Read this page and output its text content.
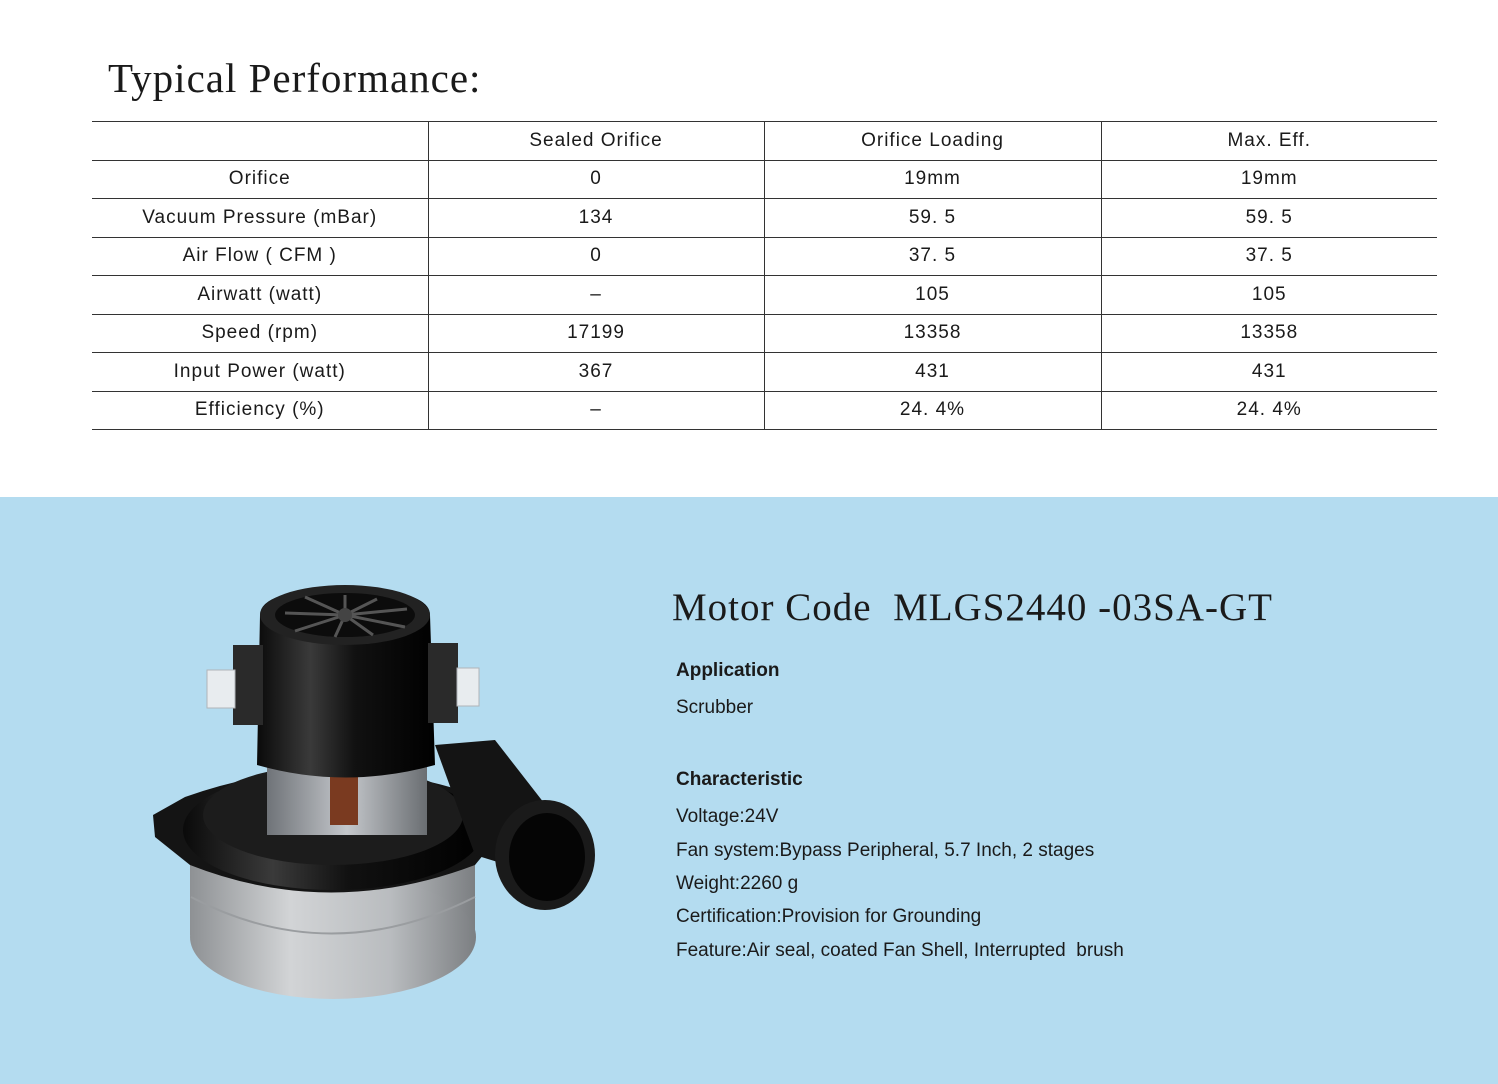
Typical Performance:
	Sealed Orifice	Orifice Loading	Max. Eff.
Orifice	0	19mm	19mm
Vacuum Pressure (mBar)	134	59. 5	59. 5
Air Flow ( CFM )	0	37. 5	37. 5
Airwatt (watt)	–	105	105
Speed (rpm)	17199	13358	13358
Input Power (watt)	367	431	431
Efficiency (%)	–	24. 4%	24. 4%
Motor Code  MLGS2440 -03SA-GT
Application
Scrubber
Characteristic
Voltage:24V
Fan system:Bypass Peripheral, 5.7 Inch, 2 stages
Weight:2260 g
Certification:Provision for Grounding
Feature:Air seal, coated Fan Shell, Interrupted  brush
